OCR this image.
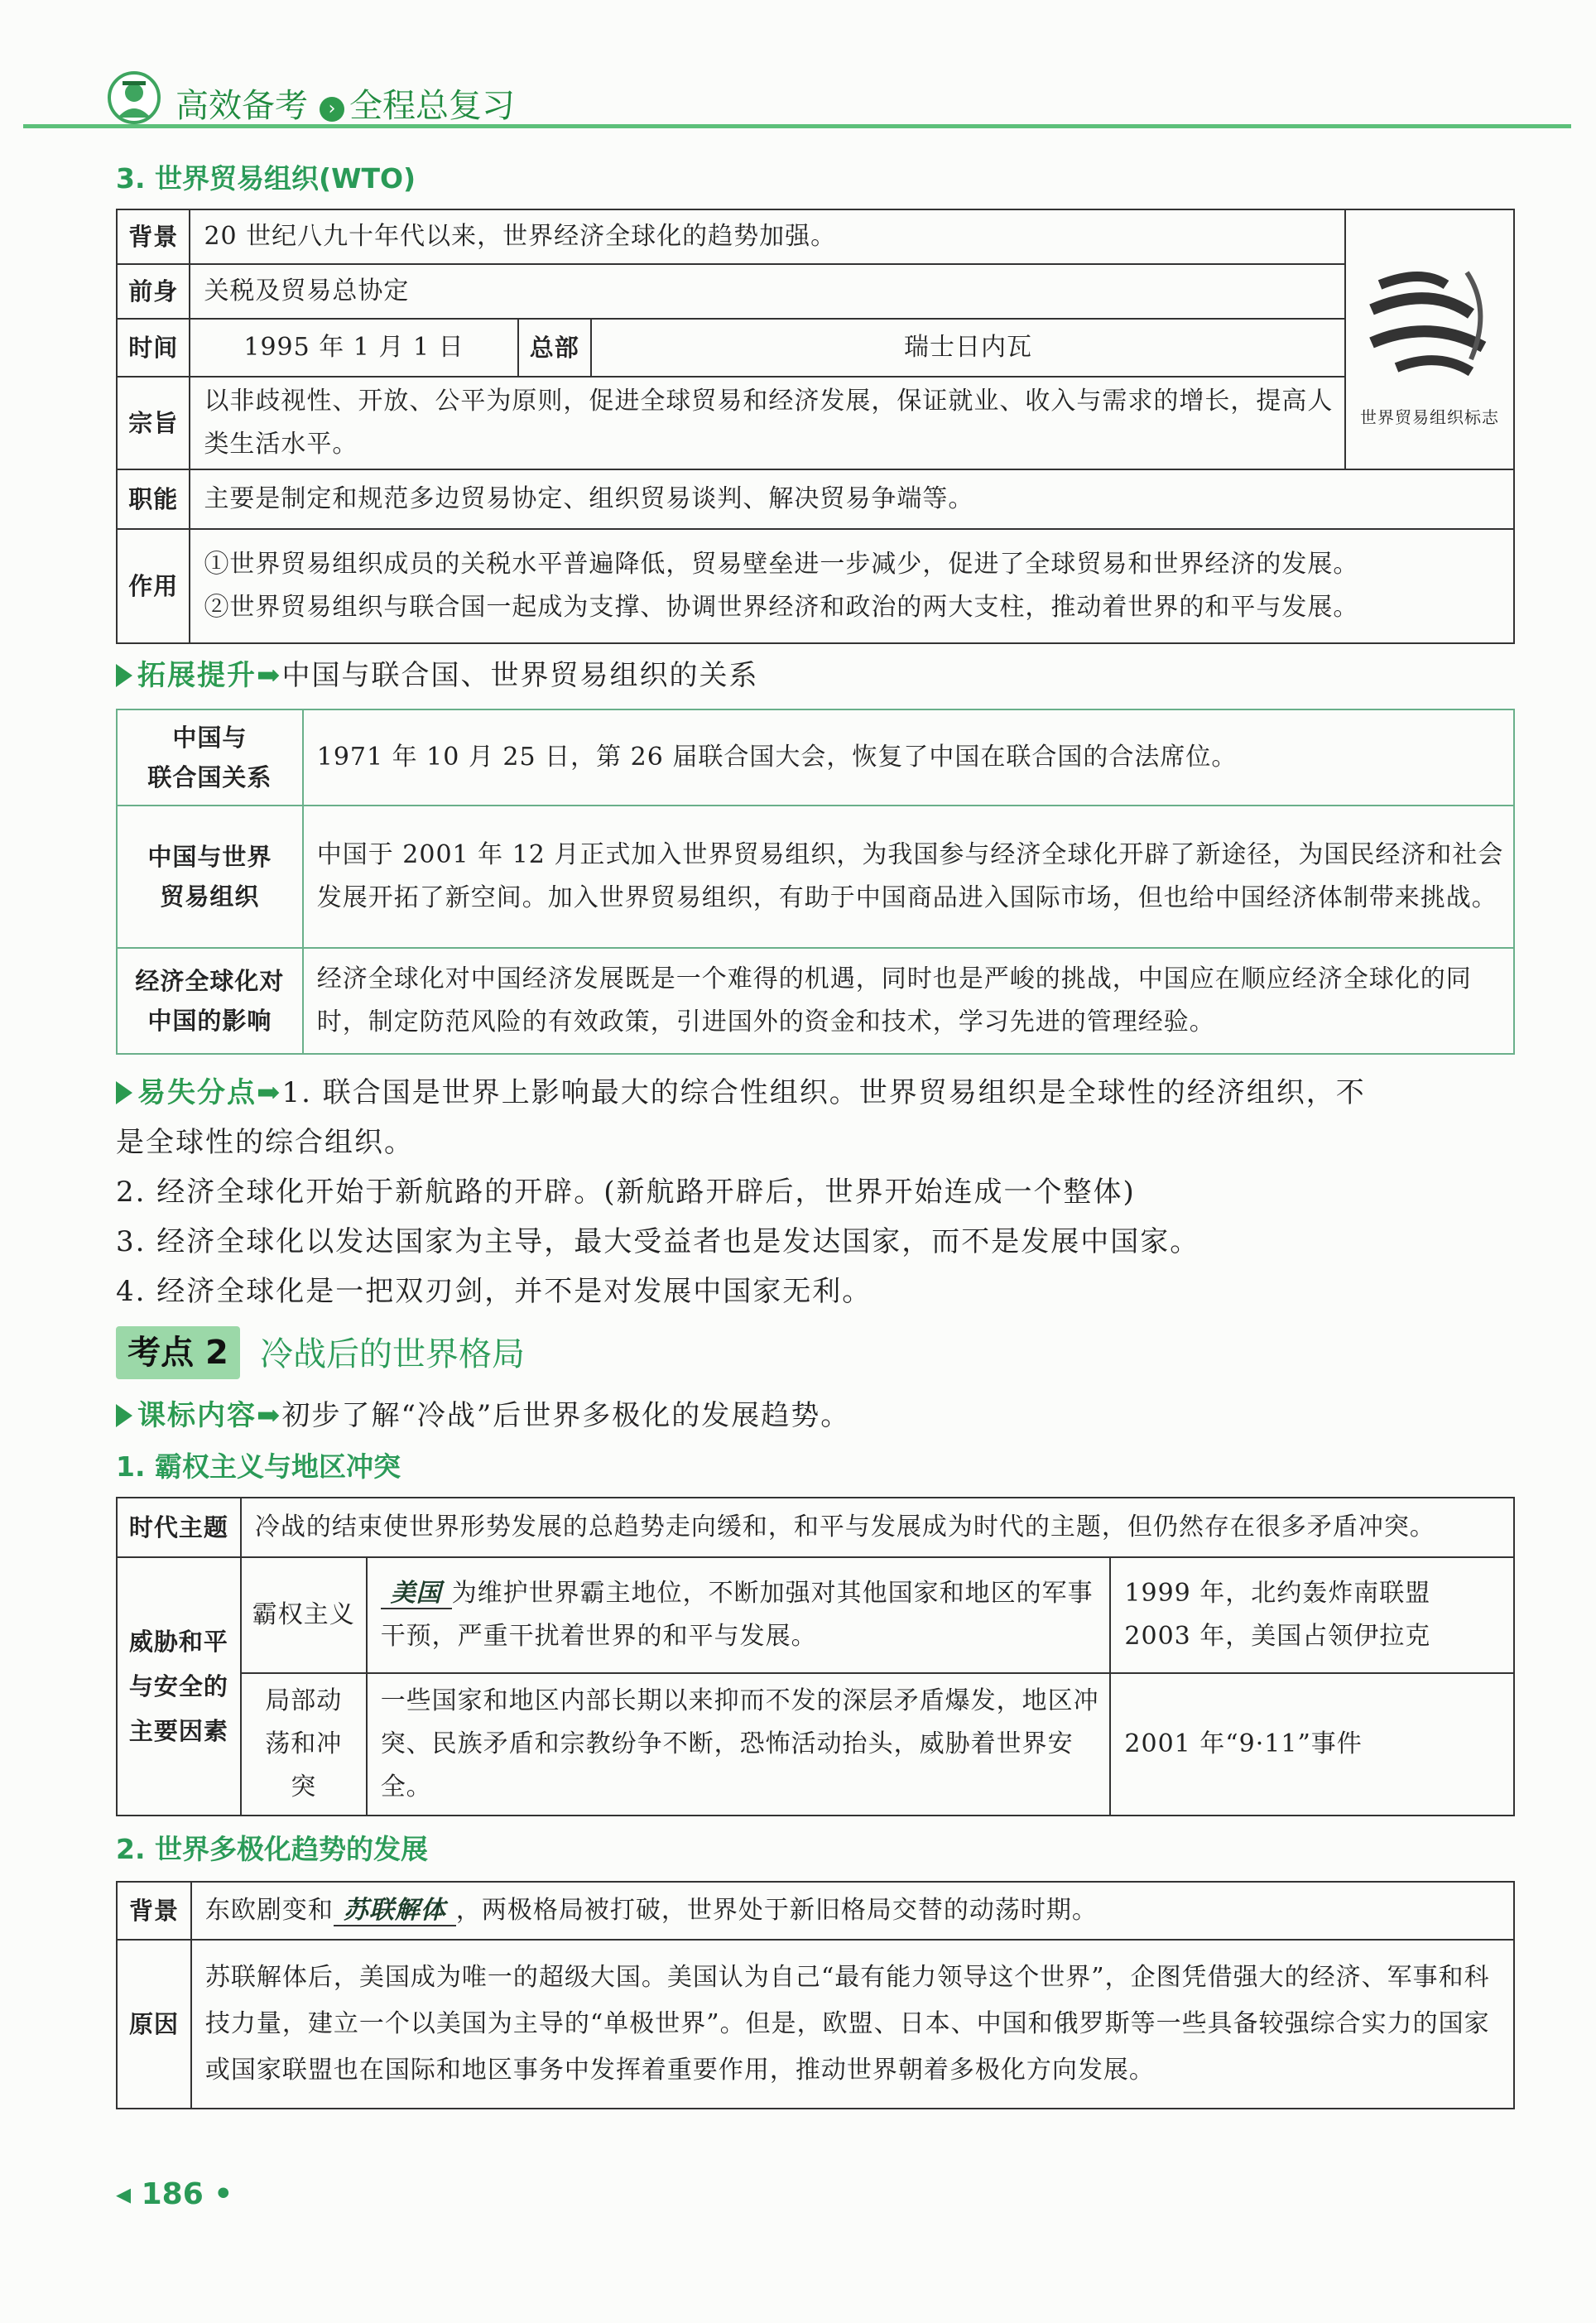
高效备考 › 全程总复习
3. 世界贸易组织(WTO)
背景	20 世纪八九十年代以来，世界经济全球化的趋势加强。			世界贸易组织标志

前身	关税及贸易总协定			
时间	1995 年 1 月 1 日	总部	瑞士日内瓦	
宗旨	以非歧视性、开放、公平为原则，促进全球贸易和经济发展，保证就业、收入与需求的增长，提高人类生活水平。			
职能	主要是制定和规范多边贸易协定、组织贸易谈判、解决贸易争端等。			
作用	①世界贸易组织成员的关税水平普遍降低，贸易壁垒进一步减少，促进了全球贸易和世界经济的发展。
②世界贸易组织与联合国一起成为支撑、协调世界经济和政治的两大支柱，推动着世界的和平与发展。			
拓展提升➡中国与联合国、世界贸易组织的关系
中国与
联合国关系	1971 年 10 月 25 日，第 26 届联合国大会，恢复了中国在联合国的合法席位。

中国与世界
贸易组织	中国于 2001 年 12 月正式加入世界贸易组织，为我国参与经济全球化开辟了新途径，为国民经济和社会发展开拓了新空间。加入世界贸易组织，有助于中国商品进入国际市场，但也给中国经济体制带来挑战。

经济全球化对
中国的影响	经济全球化对中国经济发展既是一个难得的机遇，同时也是严峻的挑战，中国应在顺应经济全球化的同时，制定防范风险的有效政策，引进国外的资金和技术，学习先进的管理经验。
易失分点➡1. 联合国是世界上影响最大的综合性组织。世界贸易组织是全球性的经济组织，不
是全球性的综合组织。
2. 经济全球化开始于新航路的开辟。(新航路开辟后，世界开始连成一个整体)
3. 经济全球化以发达国家为主导，最大受益者也是发达国家，而不是发展中国家。
4. 经济全球化是一把双刃剑，并不是对发展中国家无利。
考点 2 冷战后的世界格局
课标内容➡初步了解“冷战”后世界多极化的发展趋势。
1. 霸权主义与地区冲突
时代主题	冷战的结束使世界形势发展的总趋势走向缓和，和平与发展成为时代的主题，但仍然存在很多矛盾冲突。		
威胁和平与安全的主要因素	霸权主义	美国 为维护世界霸主地位，不断加强对其他国家和地区的军事干预，严重干扰着世界的和平与发展。	1999 年，北约轰炸南联盟
2003 年，美国占领伊拉克

	局部动荡和冲突	一些国家和地区内部长期以来抑而不发的深层矛盾爆发，地区冲突、民族矛盾和宗教纷争不断，恐怖活动抬头，威胁着世界安全。	2001 年“9·11”事件
2. 世界多极化趋势的发展
背景	东欧剧变和 苏联解体 ，两极格局被打破，世界处于新旧格局交替的动荡时期。
原因	苏联解体后，美国成为唯一的超级大国。美国认为自己“最有能力领导这个世界”，企图凭借强大的经济、军事和科技力量，建立一个以美国为主导的“单极世界”。但是，欧盟、日本、中国和俄罗斯等一些具备较强综合实力的国家或国家联盟也在国际和地区事务中发挥着重要作用，推动世界朝着多极化方向发展。
◂ 186 •
